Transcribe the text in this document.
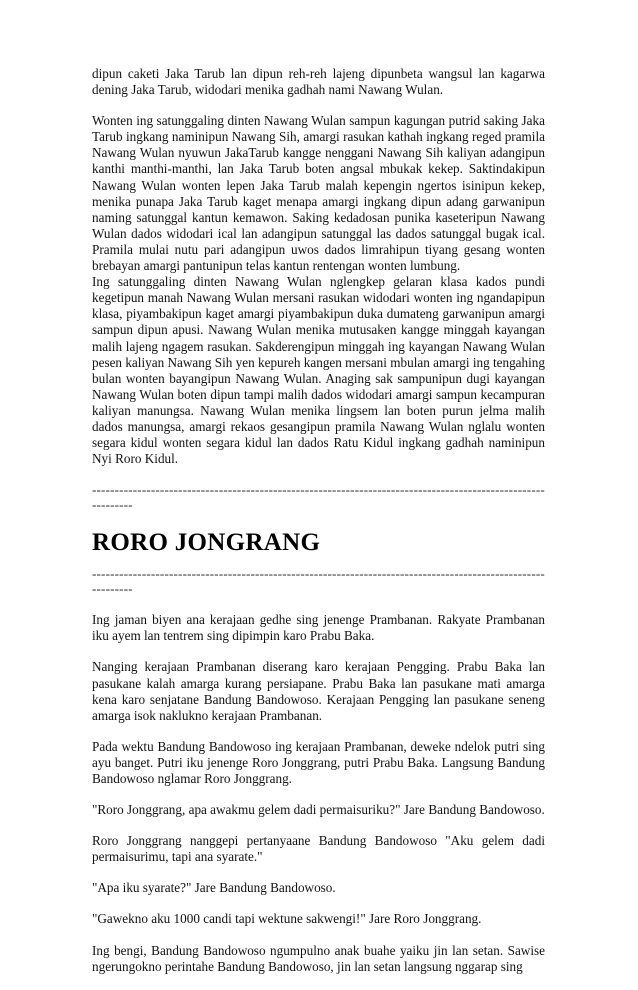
dipun caketi Jaka Tarub lan dipun reh-reh lajeng dipunbeta wangsul lan kagarwa dening Jaka Tarub, widodari menika gadhah nami Nawang Wulan.

Wonten ing satunggaling dinten Nawang Wulan sampun kagungan putrid saking Jaka Tarub ingkang naminipun Nawang Sih, amargi rasukan kathah ingkang reged pramila Nawang Wulan nyuwun JakaTarub kangge nenggani Nawang Sih kaliyan adangipun kanthi manthi-manthi, lan Jaka Tarub boten angsal mbukak kekep. Saktindakipun Nawang Wulan wonten lepen Jaka Tarub malah kepengin ngertos isinipun kekep, menika punapa Jaka Tarub kaget menapa amargi ingkang dipun adang garwanipun naming satunggal kantun kemawon. Saking kedadosan punika kaseteripun Nawang Wulan dados widodari ical lan adangipun satunggal las dados satunggal bugak ical. Pramila mulai nutu pari adangipun uwos dados limrahipun tiyang gesang wonten brebayan amargi pantunipun telas kantun rentengan wonten lumbung.

Ing satunggaling dinten Nawang Wulan nglengkep gelaran klasa kados pundi kegetipun manah Nawang Wulan mersani rasukan widodari wonten ing ngandapipun klasa, piyambakipun kaget amargi piyambakipun duka dumateng garwanipun amargi sampun dipun apusi. Nawang Wulan menika mutusaken kangge minggah kayangan malih lajeng ngagem rasukan. Sakderengipun minggah ing kayangan Nawang Wulan pesen kaliyan Nawang Sih yen kepureh kangen mersani mbulan amargi ing tengahing bulan wonten bayangipun Nawang Wulan. Anaging sak sampunipun dugi kayangan Nawang Wulan boten dipun tampi malih dados widodari amargi sampun kecampuran kaliyan manungsa. Nawang Wulan menika lingsem lan boten purun jelma malih dados manungsa, amargi rekaos gesangipun pramila Nawang Wulan nglalu wonten segara kidul wonten segara kidul lan dados Ratu Kidul ingkang gadhah naminipun Nyi Roro Kidul.

-------------------------------------------------------------------------------------------------------------
RORO JONGRANG
-------------------------------------------------------------------------------------------------------------

Ing jaman biyen ana kerajaan gedhe sing jenenge Prambanan. Rakyate Prambanan iku ayem lan tentrem sing dipimpin karo Prabu Baka.

Nanging kerajaan Prambanan diserang karo kerajaan Pengging. Prabu Baka lan pasukane kalah amarga kurang persiapane. Prabu Baka lan pasukane mati amarga kena karo senjatane Bandung Bandowoso. Kerajaan Pengging lan pasukane seneng amarga isok naklukno kerajaan Prambanan.

Pada wektu Bandung Bandowoso ing kerajaan Prambanan, deweke ndelok putri sing ayu banget. Putri iku jenenge Roro Jonggrang, putri Prabu Baka. Langsung Bandung Bandowoso nglamar Roro Jonggrang.

"Roro Jonggrang, apa awakmu gelem dadi permaisuriku?" Jare Bandung Bandowoso.

Roro Jonggrang nanggepi pertanyaane Bandung Bandowoso "Aku gelem dadi permaisurimu, tapi ana syarate."

"Apa iku syarate?" Jare Bandung Bandowoso.

"Gawekno aku 1000 candi tapi wektune sakwengi!" Jare Roro Jonggrang.

Ing bengi, Bandung Bandowoso ngumpulno anak buahe yaiku jin lan setan. Sawise ngerungokno perintahe Bandung Bandowoso, jin lan setan langsung nggarap sing
